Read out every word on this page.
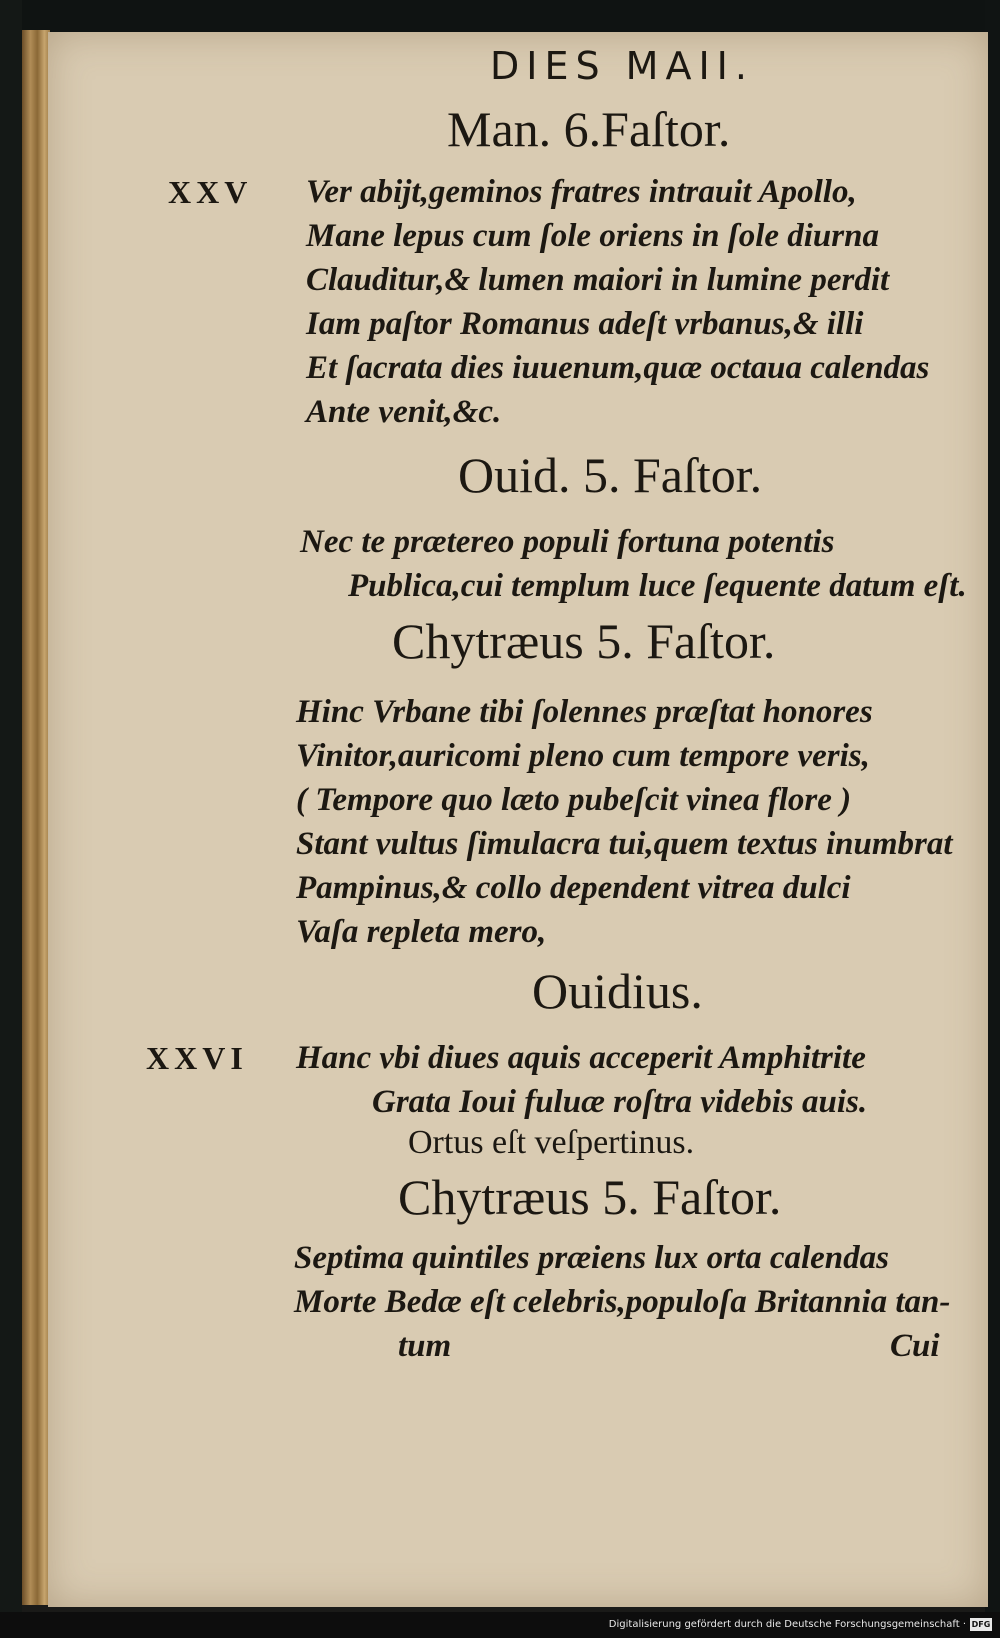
DIES MAII.
Man. 6.Faſtor.
XXV Ver abijt,geminos fratres intrauit Apollo,
Mane lepus cum ſole oriens in ſole diurna
Clauditur,& lumen maiori in lumine perdit
Iam paſtor Romanus adeſt vrbanus,& illi
Et ſacrata dies iuuenum,quæ octaua calendas
Ante venit,&c.
Ouid. 5. Faſtor.
Nec te prætereo populi fortuna potentis
Publica,cui templum luce ſequente datum eſt.
Chytræus 5. Faſtor.
Hinc Vrbane tibi ſolennes præſtat honores
Vinitor,auricomi pleno cum tempore veris,
( Tempore quo læto pubeſcit vinea flore )
Stant vultus ſimulacra tui,quem textus inumbrat
Pampinus,& collo dependent vitrea dulci
Vaſa repleta mero,
Ouidius.
XXVI Hanc vbi diues aquis acceperit Amphitrite
Grata Ioui fuluæ roſtra videbis auis.
Ortus eſt veſpertinus.
Chytræus 5. Faſtor.
Septima quintiles præiens lux orta calendas
Morte Bedæ eſt celebris,populoſa Britannia tan-
tum	Cui
Digitalisierung gefördert durch die Deutsche Forschungsgemeinschaft · DFG
